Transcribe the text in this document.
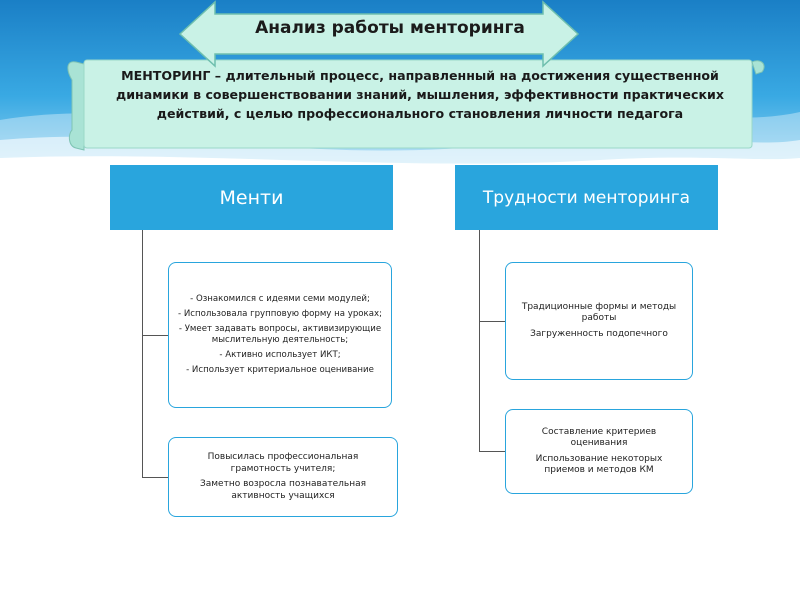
Анализ работы менторинга
МЕНТОРИНГ – длительный процесс, направленный на достижения существенной динамики в совершенствовании знаний, мышления, эффективности практических действий, с целью профессионального становления личности педагога
Менти	Трудности менторинга

- Ознакомился с идеями семи модулей;

- Использовала групповую форму на уроках;

- Умеет задавать вопросы, активизирующие мыслительную деятельность;

- Активно использует ИКТ;

- Использует критериальное оценивание

Повысилась профессиональная грамотность учителя;

Заметно возросла познавательная активность учащихся

Традиционные формы и методы работы

Загруженность подопечного

Составление критериев оценивания

Использование некоторых приемов и методов КМ
